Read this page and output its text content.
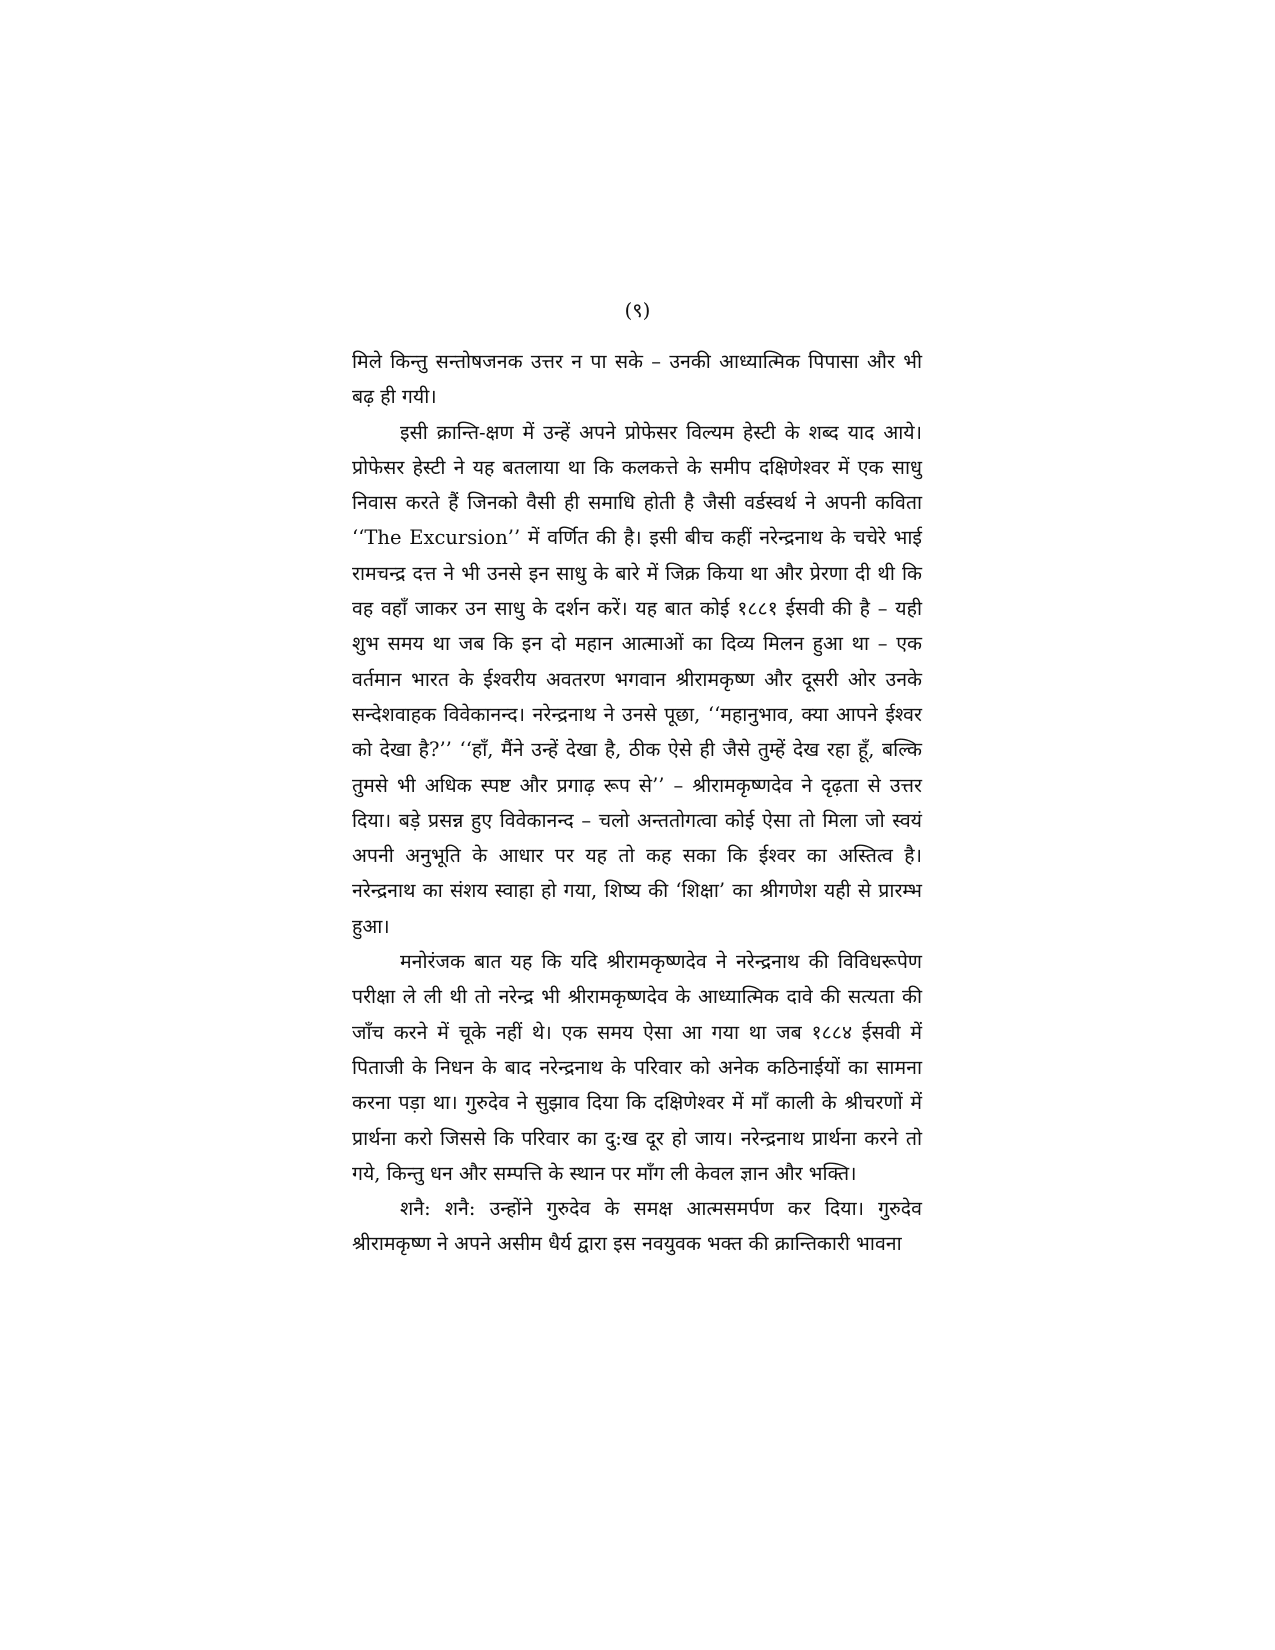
(९)

मिले किन्तु सन्तोषजनक उत्तर न पा सके – उनकी आध्यात्मिक पिपासा और भी बढ़ ही गयी।

इसी क्रान्ति-क्षण में उन्हें अपने प्रोफेसर विल्यम हेस्टी के शब्द याद आये। प्रोफेसर हेस्टी ने यह बतलाया था कि कलकत्ते के समीप दक्षिणेश्वर में एक साधु निवास करते हैं जिनको वैसी ही समाधि होती है जैसी वर्डस्वर्थ ने अपनी कविता ‘‘The Excursion’’ में वर्णित की है। इसी बीच कहीं नरेन्द्रनाथ के चचेरे भाई रामचन्द्र दत्त ने भी उनसे इन साधु के बारे में जिक्र किया था और प्रेरणा दी थी कि वह वहाँ जाकर उन साधु के दर्शन करें। यह बात कोई १८८१ ईसवी की है – यही शुभ समय था जब कि इन दो महान आत्माओं का दिव्य मिलन हुआ था – एक वर्तमान भारत के ईश्वरीय अवतरण भगवान श्रीरामकृष्ण और दूसरी ओर उनके सन्देशवाहक विवेकानन्द। नरेन्द्रनाथ ने उनसे पूछा, ‘‘महानुभाव, क्या आपने ईश्वर को देखा है?’’ ‘‘हाँ, मैंने उन्हें देखा है, ठीक ऐसे ही जैसे तुम्हें देख रहा हूँ, बल्कि तुमसे भी अधिक स्पष्ट और प्रगाढ़ रूप से’’ – श्रीरामकृष्णदेव ने दृढ़ता से उत्तर दिया। बड़े प्रसन्न हुए विवेकानन्द – चलो अन्ततोगत्वा कोई ऐसा तो मिला जो स्वयं अपनी अनुभूति के आधार पर यह तो कह सका कि ईश्वर का अस्तित्व है। नरेन्द्रनाथ का संशय स्वाहा हो गया, शिष्य की ‘शिक्षा’ का श्रीगणेश यही से प्रारम्भ हुआ।

मनोरंजक बात यह कि यदि श्रीरामकृष्णदेव ने नरेन्द्रनाथ की विविधरूपेण परीक्षा ले ली थी तो नरेन्द्र भी श्रीरामकृष्णदेव के आध्यात्मिक दावे की सत्यता की जाँच करने में चूके नहीं थे। एक समय ऐसा आ गया था जब १८८४ ईसवी में पिताजी के निधन के बाद नरेन्द्रनाथ के परिवार को अनेक कठिनाईयों का सामना करना पड़ा था। गुरुदेव ने सुझाव दिया कि दक्षिणेश्वर में माँ काली के श्रीचरणों में प्रार्थना करो जिससे कि परिवार का दु:ख दूर हो जाय। नरेन्द्रनाथ प्रार्थना करने तो गये, किन्तु धन और सम्पत्ति के स्थान पर माँग ली केवल ज्ञान और भक्ति।

शनै: शनै: उन्होंने गुरुदेव के समक्ष आत्मसमर्पण कर दिया। गुरुदेव श्रीरामकृष्ण ने अपने असीम धैर्य द्वारा इस नवयुवक भक्त की क्रान्तिकारी भावना
